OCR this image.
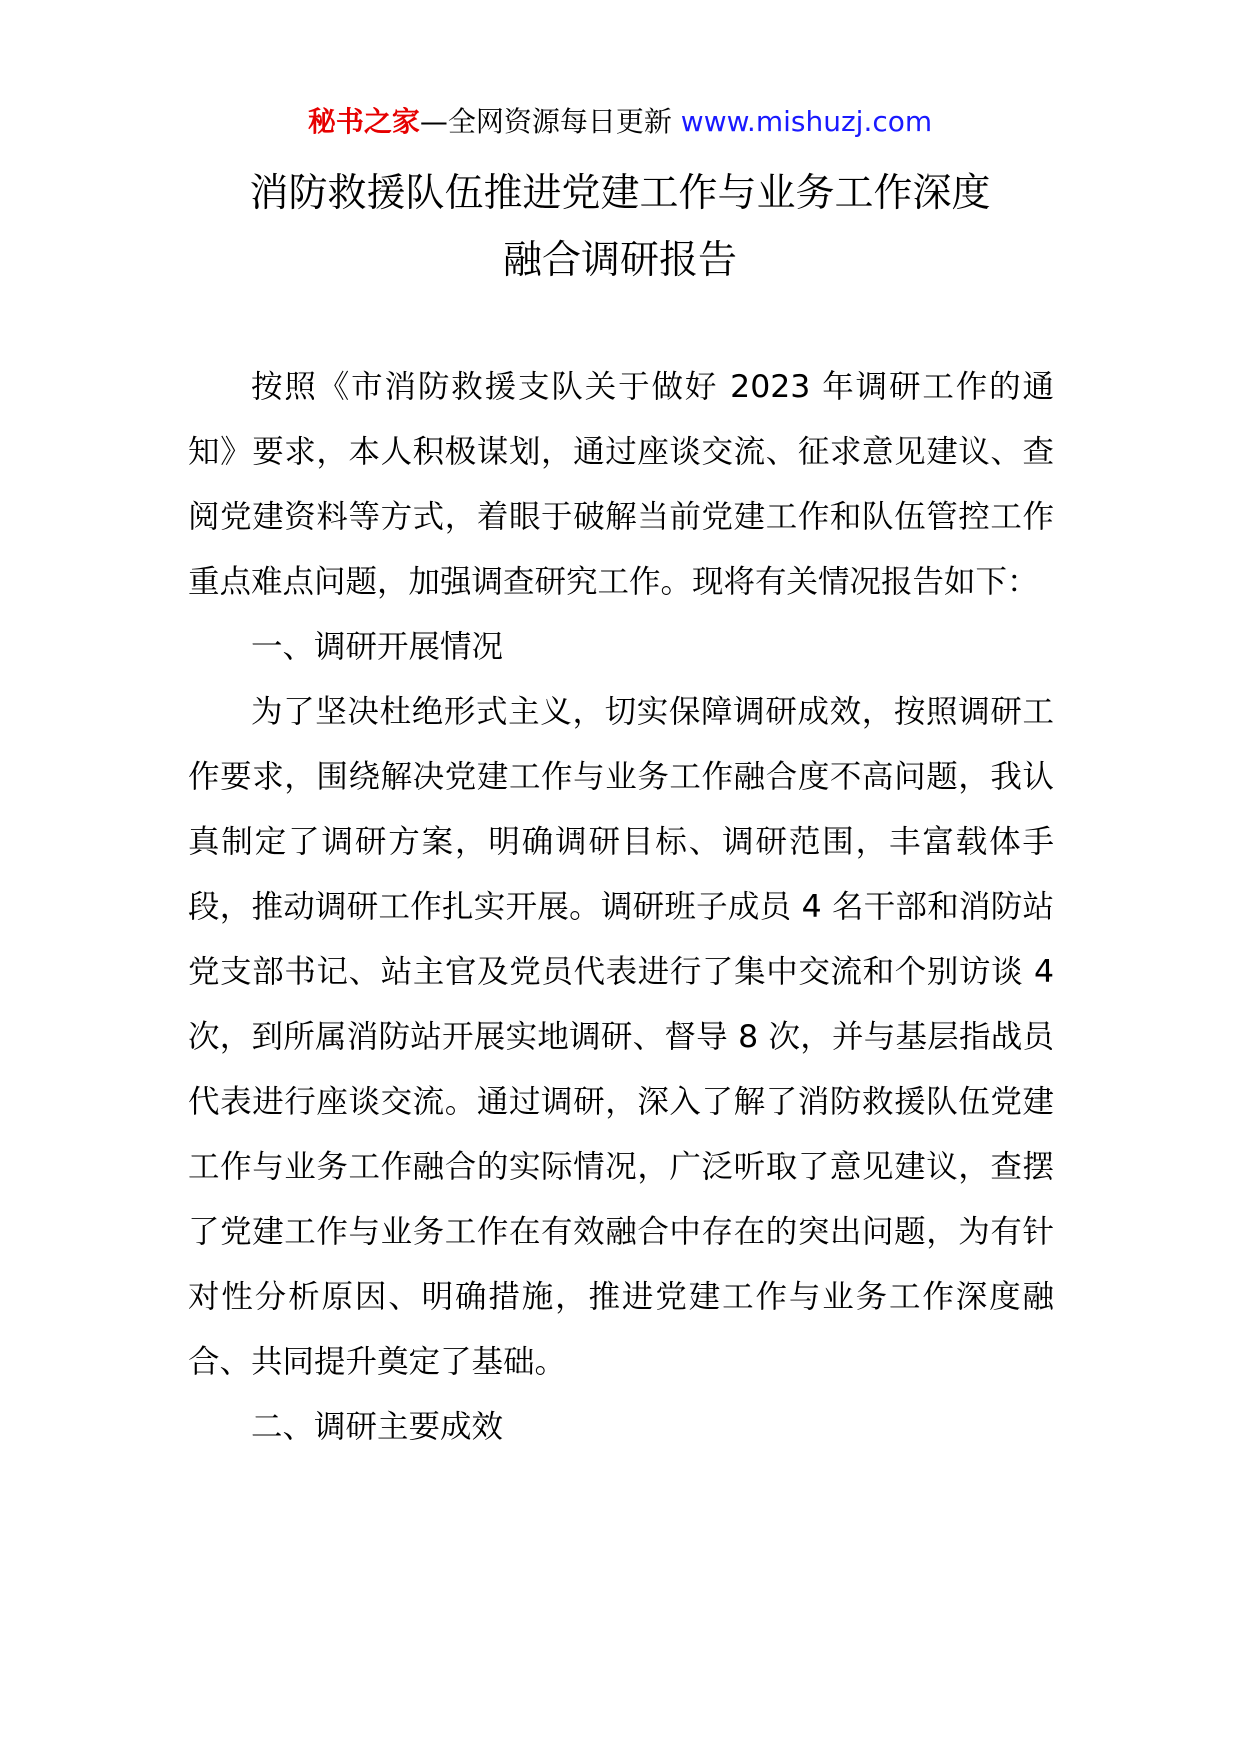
秘书之家—全网资源每日更新 www.mishuzj.com
消防救援队伍推进党建工作与业务工作深度
融合调研报告

按照《市消防救援支队关于做好 2023 年调研工作的通知》要求，本人积极谋划，通过座谈交流、征求意见建议、查阅党建资料等方式，着眼于破解当前党建工作和队伍管控工作重点难点问题，加强调查研究工作。现将有关情况报告如下：

一、调研开展情况

为了坚决杜绝形式主义，切实保障调研成效，按照调研工作要求，围绕解决党建工作与业务工作融合度不高问题，我认真制定了调研方案，明确调研目标、调研范围，丰富载体手段，推动调研工作扎实开展。调研班子成员 4 名干部和消防站党支部书记、站主官及党员代表进行了集中交流和个别访谈 4 次，到所属消防站开展实地调研、督导 8 次，并与基层指战员代表进行座谈交流。通过调研，深入了解了消防救援队伍党建工作与业务工作融合的实际情况，广泛听取了意见建议，查摆了党建工作与业务工作在有效融合中存在的突出问题，为有针对性分析原因、明确措施，推进党建工作与业务工作深度融合、共同提升奠定了基础。

二、调研主要成效
